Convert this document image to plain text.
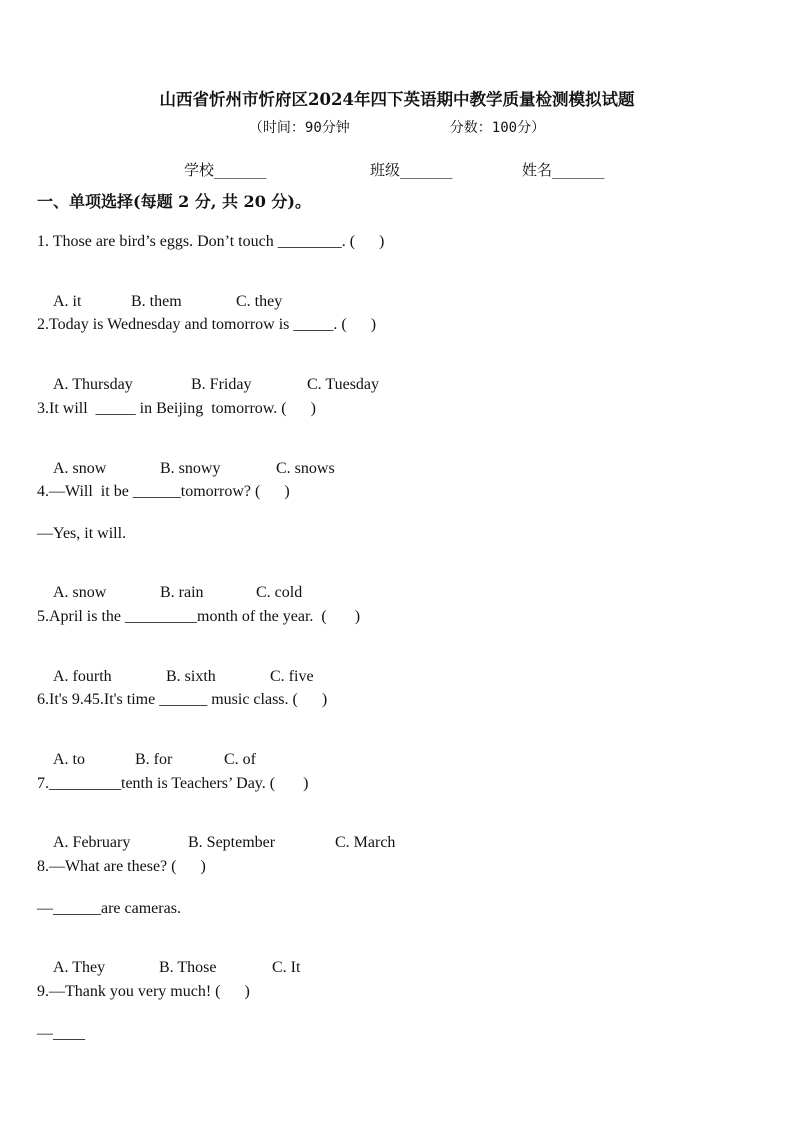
山西省忻州市忻府区2024年四下英语期中教学质量检测模拟试题
（时间：90分钟	分数：100分）
学校_______	班级_______	姓名_______
一、单项选择(每题 2 分, 共 20 分)。
1. Those are bird’s eggs. Don’t touch ________. (      )

A. it	B. them	C. they

2.Today is Wednesday and tomorrow is _____. (      )

A. Thursday	B. Friday	C. Tuesday

3.It will  _____ in Beijing  tomorrow. (      )

A. snow	B. snowy	C. snows

4.—Will  it be ______tomorrow? (      )
—Yes, it will.

A. snow	B. rain	C. cold

5.April is the _________month of the year.  (       )

A. fourth	B. sixth	C. five

6.It's 9.45.It's time ______ music class. (      )

A. to	B. for	C. of

7._________tenth is Teachers’ Day. (       )

A. February	B. September	C. March

8.—What are these? (      )
—______are cameras.

A. They	B. Those	C. It

9.—Thank you very much! (      )
—____
